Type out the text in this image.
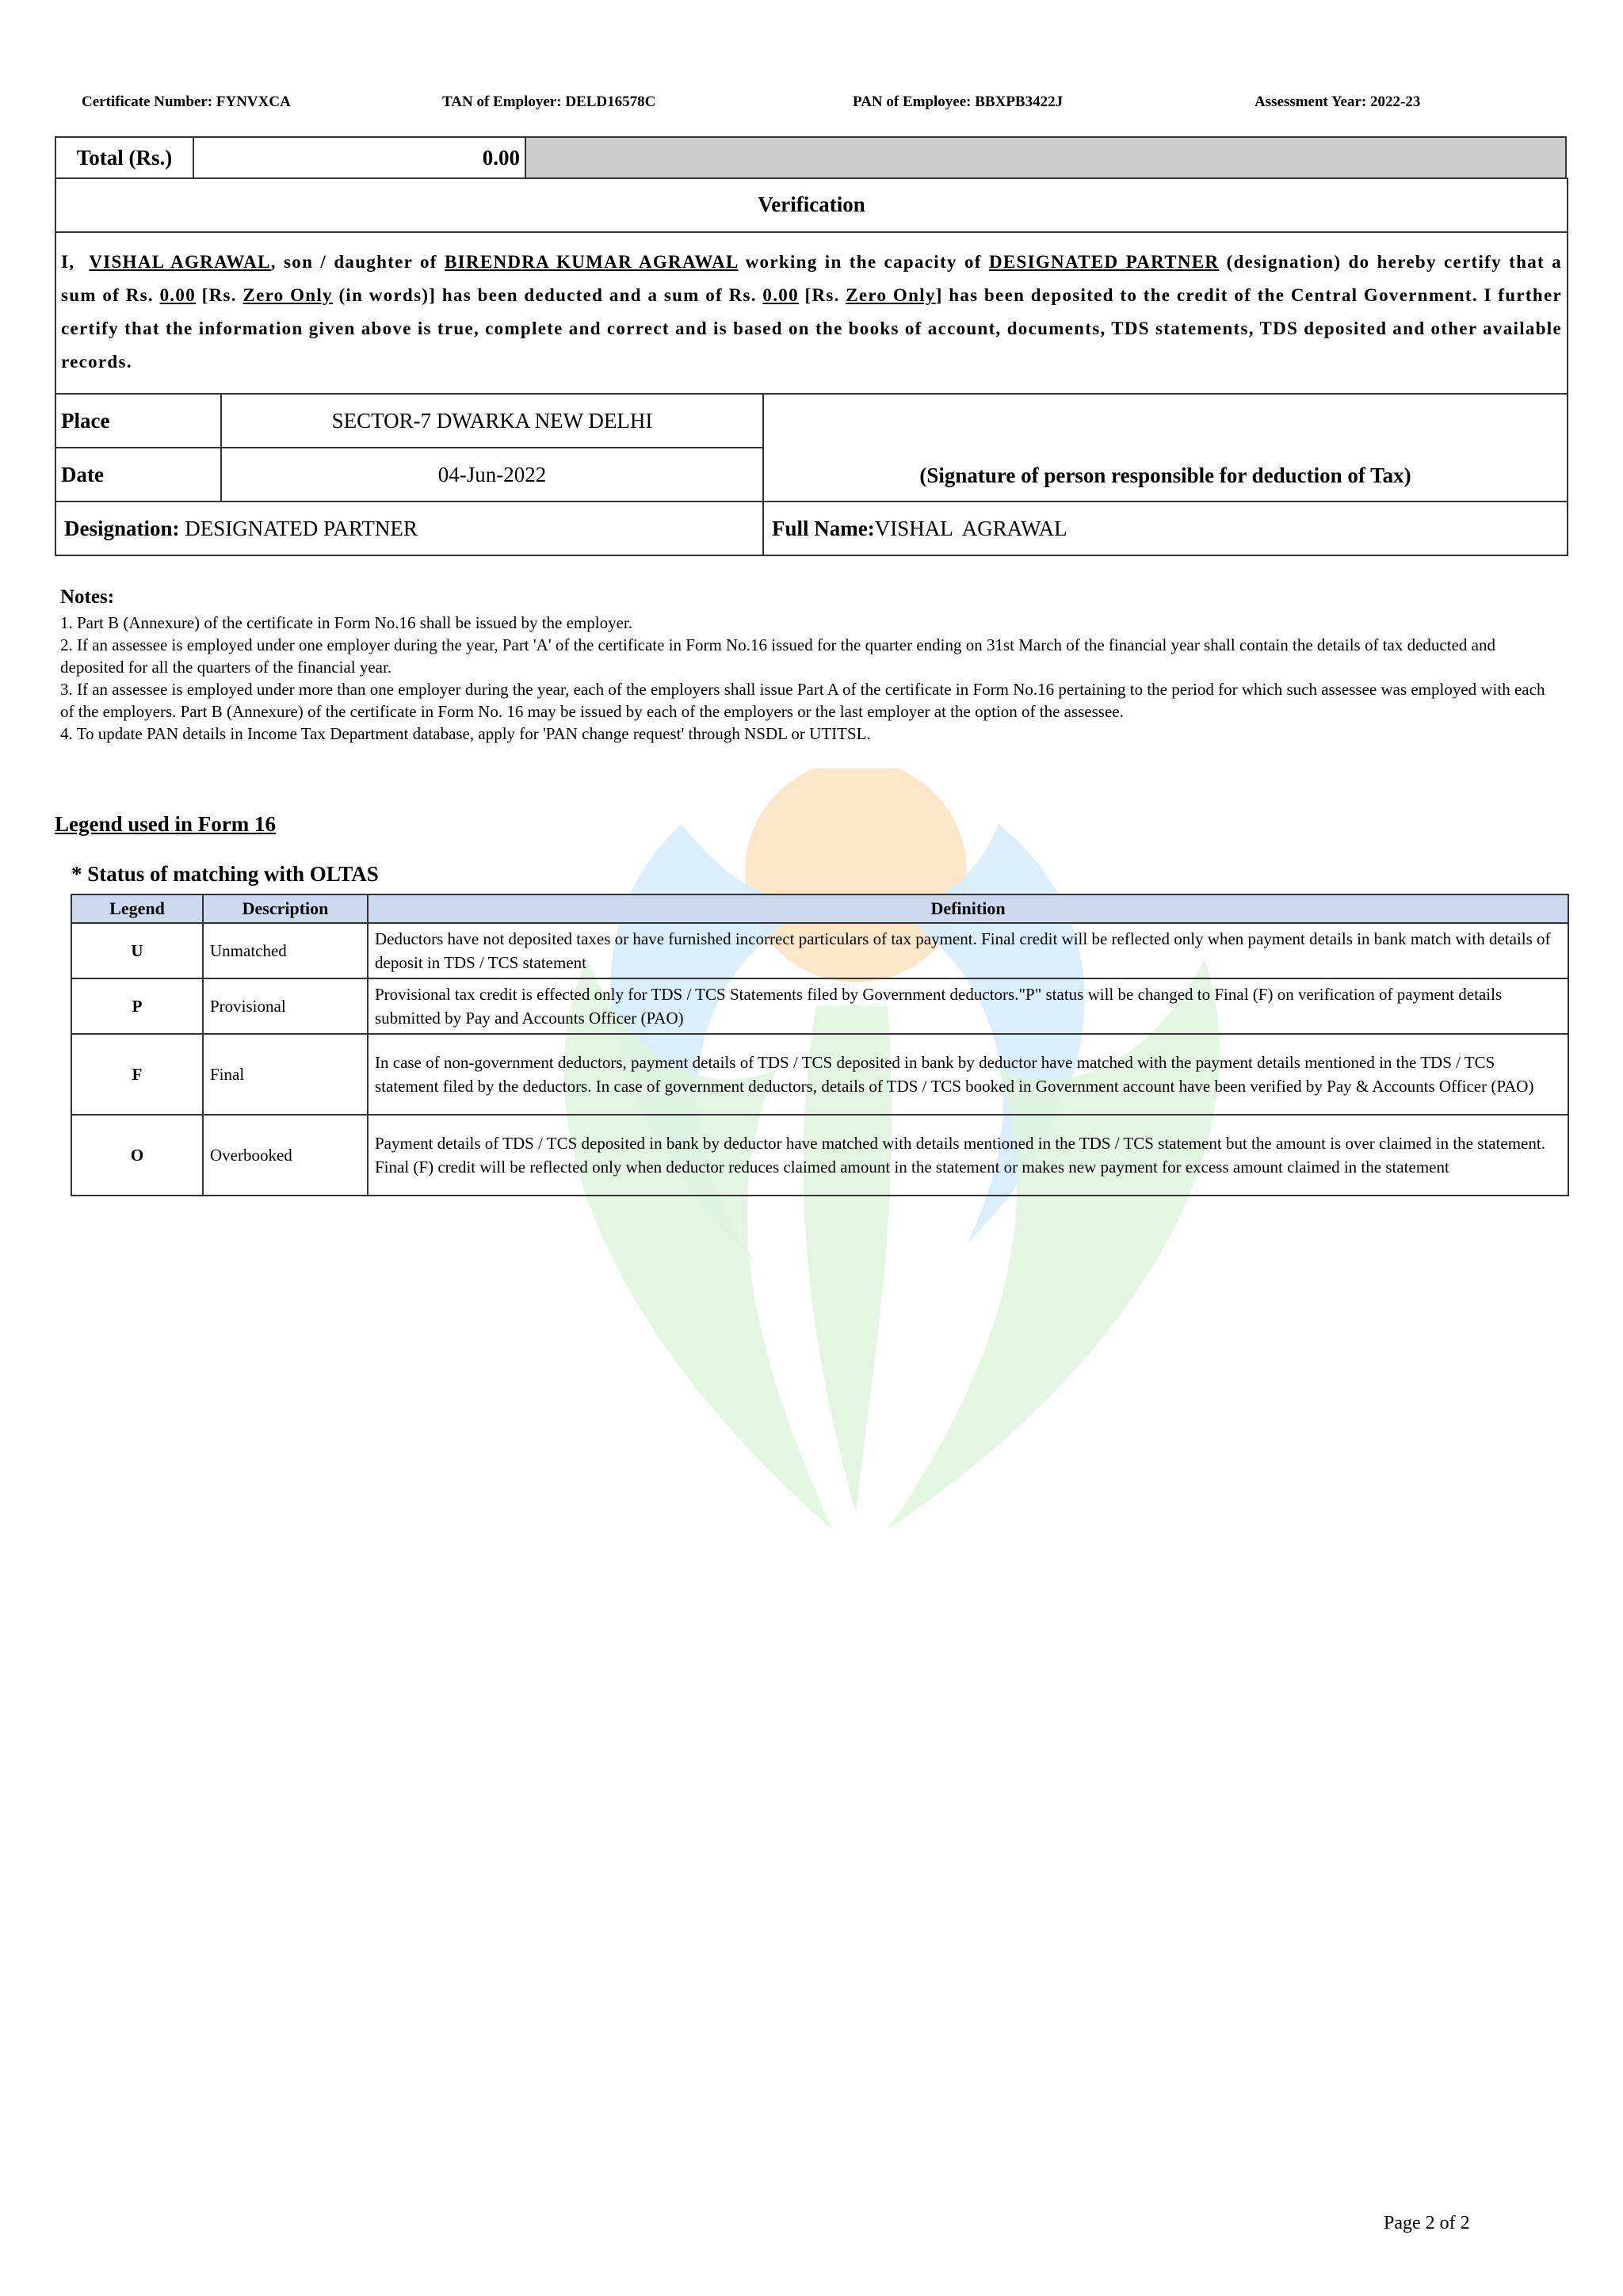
Certificate Number: FYNVXCA	TAN of Employer: DELD16578C	PAN of Employee: BBXPB3422J	Assessment Year: 2022-23
Total (Rs.)	0.00	
Verification
I, VISHAL AGRAWAL, son / daughter of BIRENDRA KUMAR AGRAWAL working in the capacity of DESIGNATED PARTNER (designation) do hereby certify that a sum of Rs. 0.00 [Rs. Zero Only (in words)] has been deducted and a sum of Rs. 0.00 [Rs. Zero Only] has been deposited to the credit of the Central Government. I further certify that the information given above is true, complete and correct and is based on the books of account, documents, TDS statements, TDS deposited and other available records.
Place	SECTOR-7 DWARKA NEW DELHI	(Signature of person responsible for deduction of Tax)
Date	04-Jun-2022	
Designation: DESIGNATED PARTNER		Full Name:VISHAL  AGRAWAL
Notes:

1. Part B (Annexure) of the certificate in Form No.16 shall be issued by the employer.

2. If an assessee is employed under one employer during the year, Part 'A' of the certificate in Form No.16 issued for the quarter ending on 31st March of the financial year shall contain the details of tax deducted and deposited for all the quarters of the financial year.

3. If an assessee is employed under more than one employer during the year, each of the employers shall issue Part A of the certificate in Form No.16 pertaining to the period for which such assessee was employed with each of the employers. Part B (Annexure) of the certificate in Form No. 16 may be issued by each of the employers or the last employer at the option of the assessee.

4. To update PAN details in Income Tax Department database, apply for 'PAN change request' through NSDL or UTITSL.

Legend used in Form 16
* Status of matching with OLTAS
Legend	Description	Definition
U	Unmatched	Deductors have not deposited taxes or have furnished incorrect particulars of tax payment. Final credit will be reflected only when payment details in bank match with details of deposit in TDS / TCS statement
P	Provisional	Provisional tax credit is effected only for TDS / TCS Statements filed by Government deductors."P" status will be changed to Final (F) on verification of payment details submitted by Pay and Accounts Officer (PAO)
F	Final	In case of non-government deductors, payment details of TDS / TCS deposited in bank by deductor have matched with the payment details mentioned in the TDS / TCS statement filed by the deductors. In case of government deductors, details of TDS / TCS booked in Government account have been verified by Pay & Accounts Officer (PAO)
O	Overbooked	Payment details of TDS / TCS deposited in bank by deductor have matched with details mentioned in the TDS / TCS statement but the amount is over claimed in the statement. Final (F) credit will be reflected only when deductor reduces claimed amount in the statement or makes new payment for excess amount claimed in the statement
Page 2 of 2
